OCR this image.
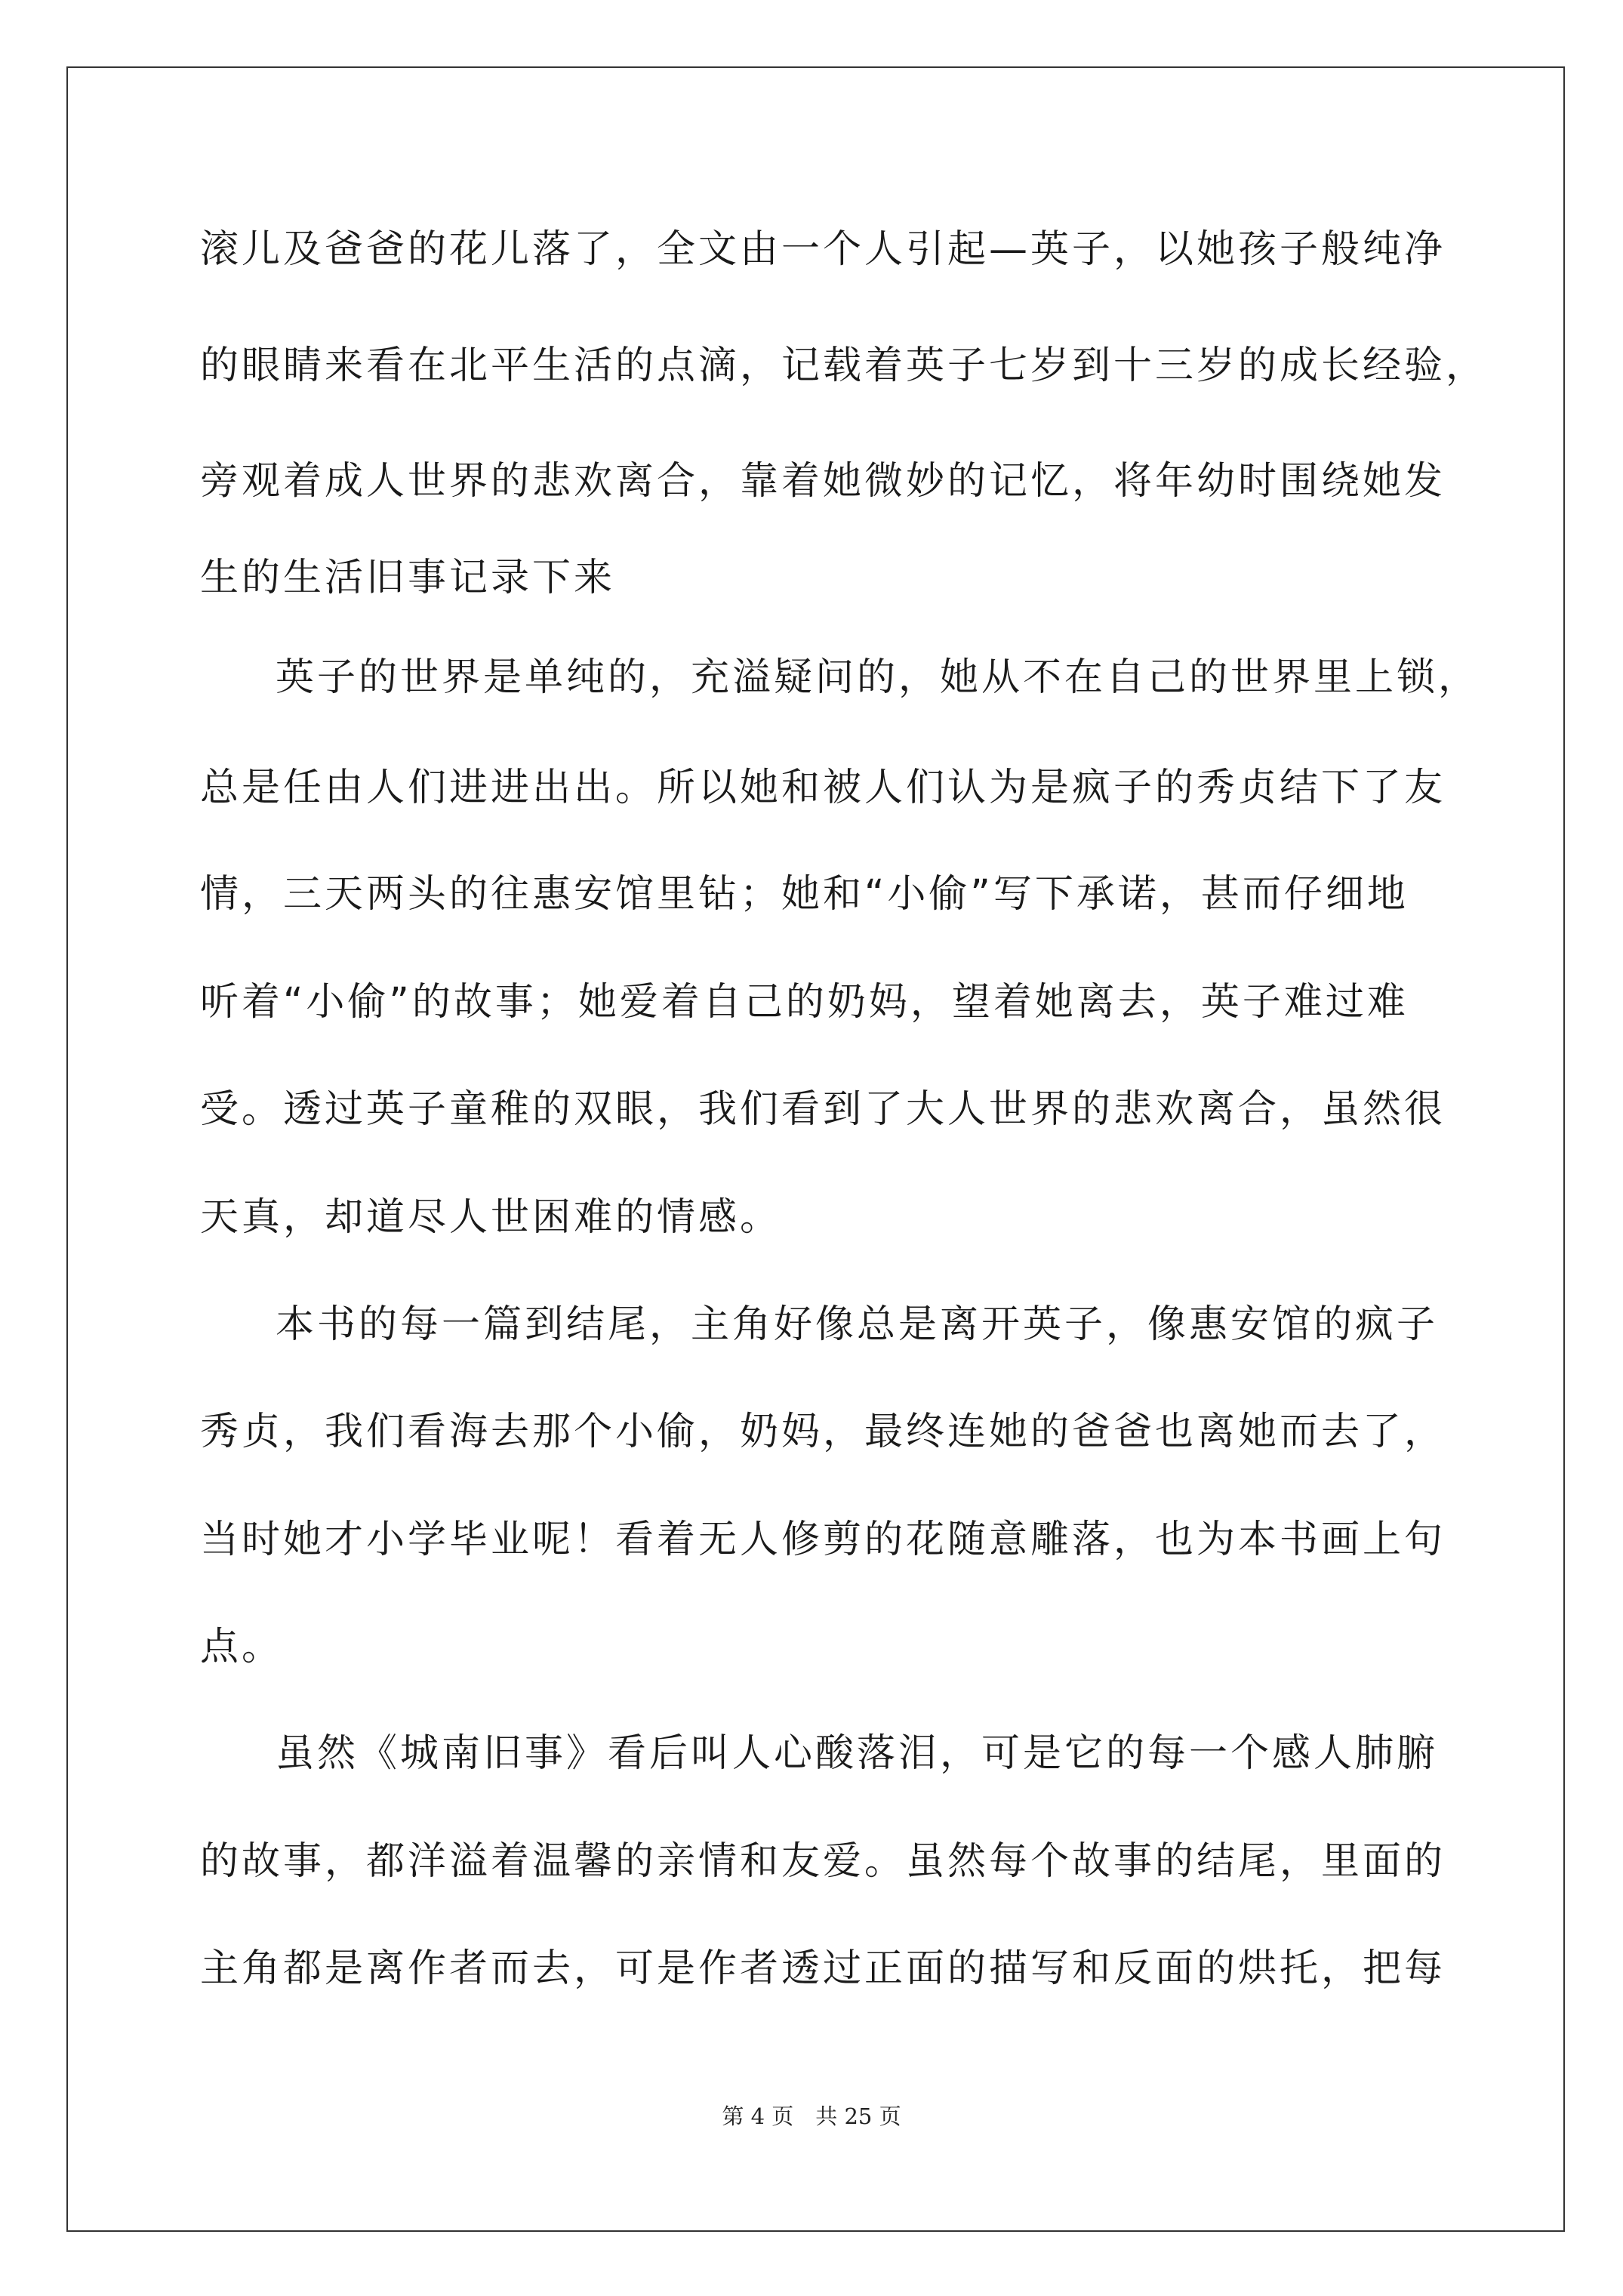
滚儿及爸爸的花儿落了，全文由一个人引起—英子，以她孩子般纯净
的眼睛来看在北平生活的点滴，记载着英子七岁到十三岁的成长经验，
旁观着成人世界的悲欢离合，靠着她微妙的记忆，将年幼时围绕她发
生的生活旧事记录下来
英子的世界是单纯的，充溢疑问的，她从不在自己的世界里上锁，
总是任由人们进进出出。所以她和被人们认为是疯子的秀贞结下了友
情，三天两头的往惠安馆里钻；她和“小偷”写下承诺，甚而仔细地
听着“小偷”的故事；她爱着自己的奶妈，望着她离去，英子难过难
受。透过英子童稚的双眼，我们看到了大人世界的悲欢离合，虽然很
天真，却道尽人世困难的情感。
本书的每一篇到结尾，主角好像总是离开英子，像惠安馆的疯子
秀贞，我们看海去那个小偷，奶妈，最终连她的爸爸也离她而去了，
当时她才小学毕业呢！看着无人修剪的花随意雕落，也为本书画上句
点。
虽然《城南旧事》看后叫人心酸落泪，可是它的每一个感人肺腑
的故事，都洋溢着温馨的亲情和友爱。虽然每个故事的结尾，里面的
主角都是离作者而去，可是作者透过正面的描写和反面的烘托，把每
第 4 页　共 25 页
